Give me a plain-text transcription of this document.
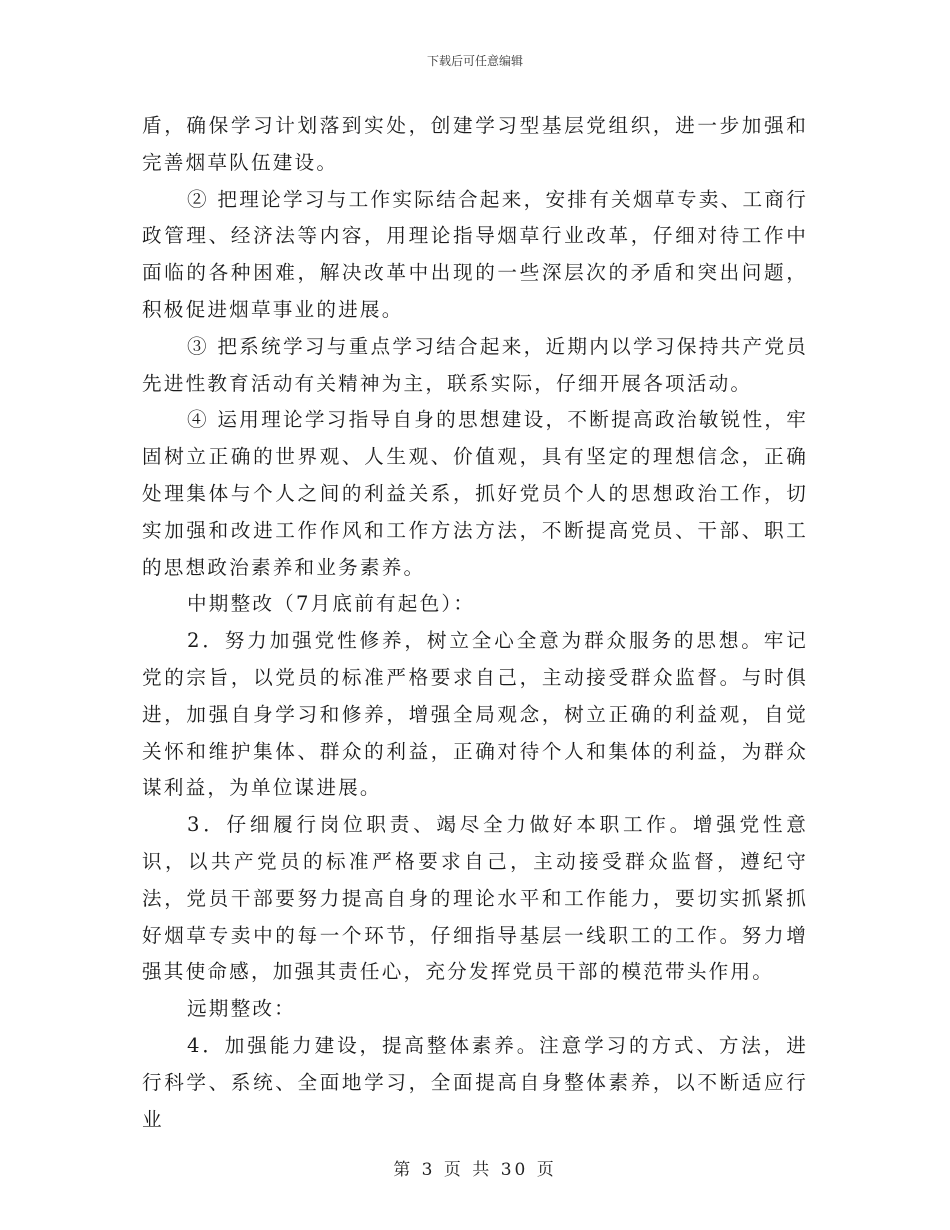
下载后可任意编辑

盾，确保学习计划落到实处，创建学习型基层党组织，进一步加强和完善烟草队伍建设。

② 把理论学习与工作实际结合起来，安排有关烟草专卖、工商行政管理、经济法等内容，用理论指导烟草行业改革，仔细对待工作中面临的各种困难，解决改革中出现的一些深层次的矛盾和突出问题，积极促进烟草事业的进展。

③ 把系统学习与重点学习结合起来，近期内以学习保持共产党员先进性教育活动有关精神为主，联系实际，仔细开展各项活动。

④ 运用理论学习指导自身的思想建设，不断提高政治敏锐性，牢固树立正确的世界观、人生观、价值观，具有坚定的理想信念，正确处理集体与个人之间的利益关系，抓好党员个人的思想政治工作，切实加强和改进工作作风和工作方法方法，不断提高党员、干部、职工的思想政治素养和业务素养。

中期整改（7月底前有起色）：

2．努力加强党性修养，树立全心全意为群众服务的思想。牢记党的宗旨，以党员的标准严格要求自己，主动接受群众监督。与时俱进，加强自身学习和修养，增强全局观念，树立正确的利益观，自觉关怀和维护集体、群众的利益，正确对待个人和集体的利益，为群众谋利益，为单位谋进展。

3．仔细履行岗位职责、竭尽全力做好本职工作。增强党性意识，以共产党员的标准严格要求自己，主动接受群众监督，遵纪守法，党员干部要努力提高自身的理论水平和工作能力，要切实抓紧抓好烟草专卖中的每一个环节，仔细指导基层一线职工的工作。努力增强其使命感，加强其责任心，充分发挥党员干部的模范带头作用。

远期整改：

4．加强能力建设，提高整体素养。注意学习的方式、方法，进行科学、系统、全面地学习，全面提高自身整体素养，以不断适应行业

第 3 页 共 30 页
